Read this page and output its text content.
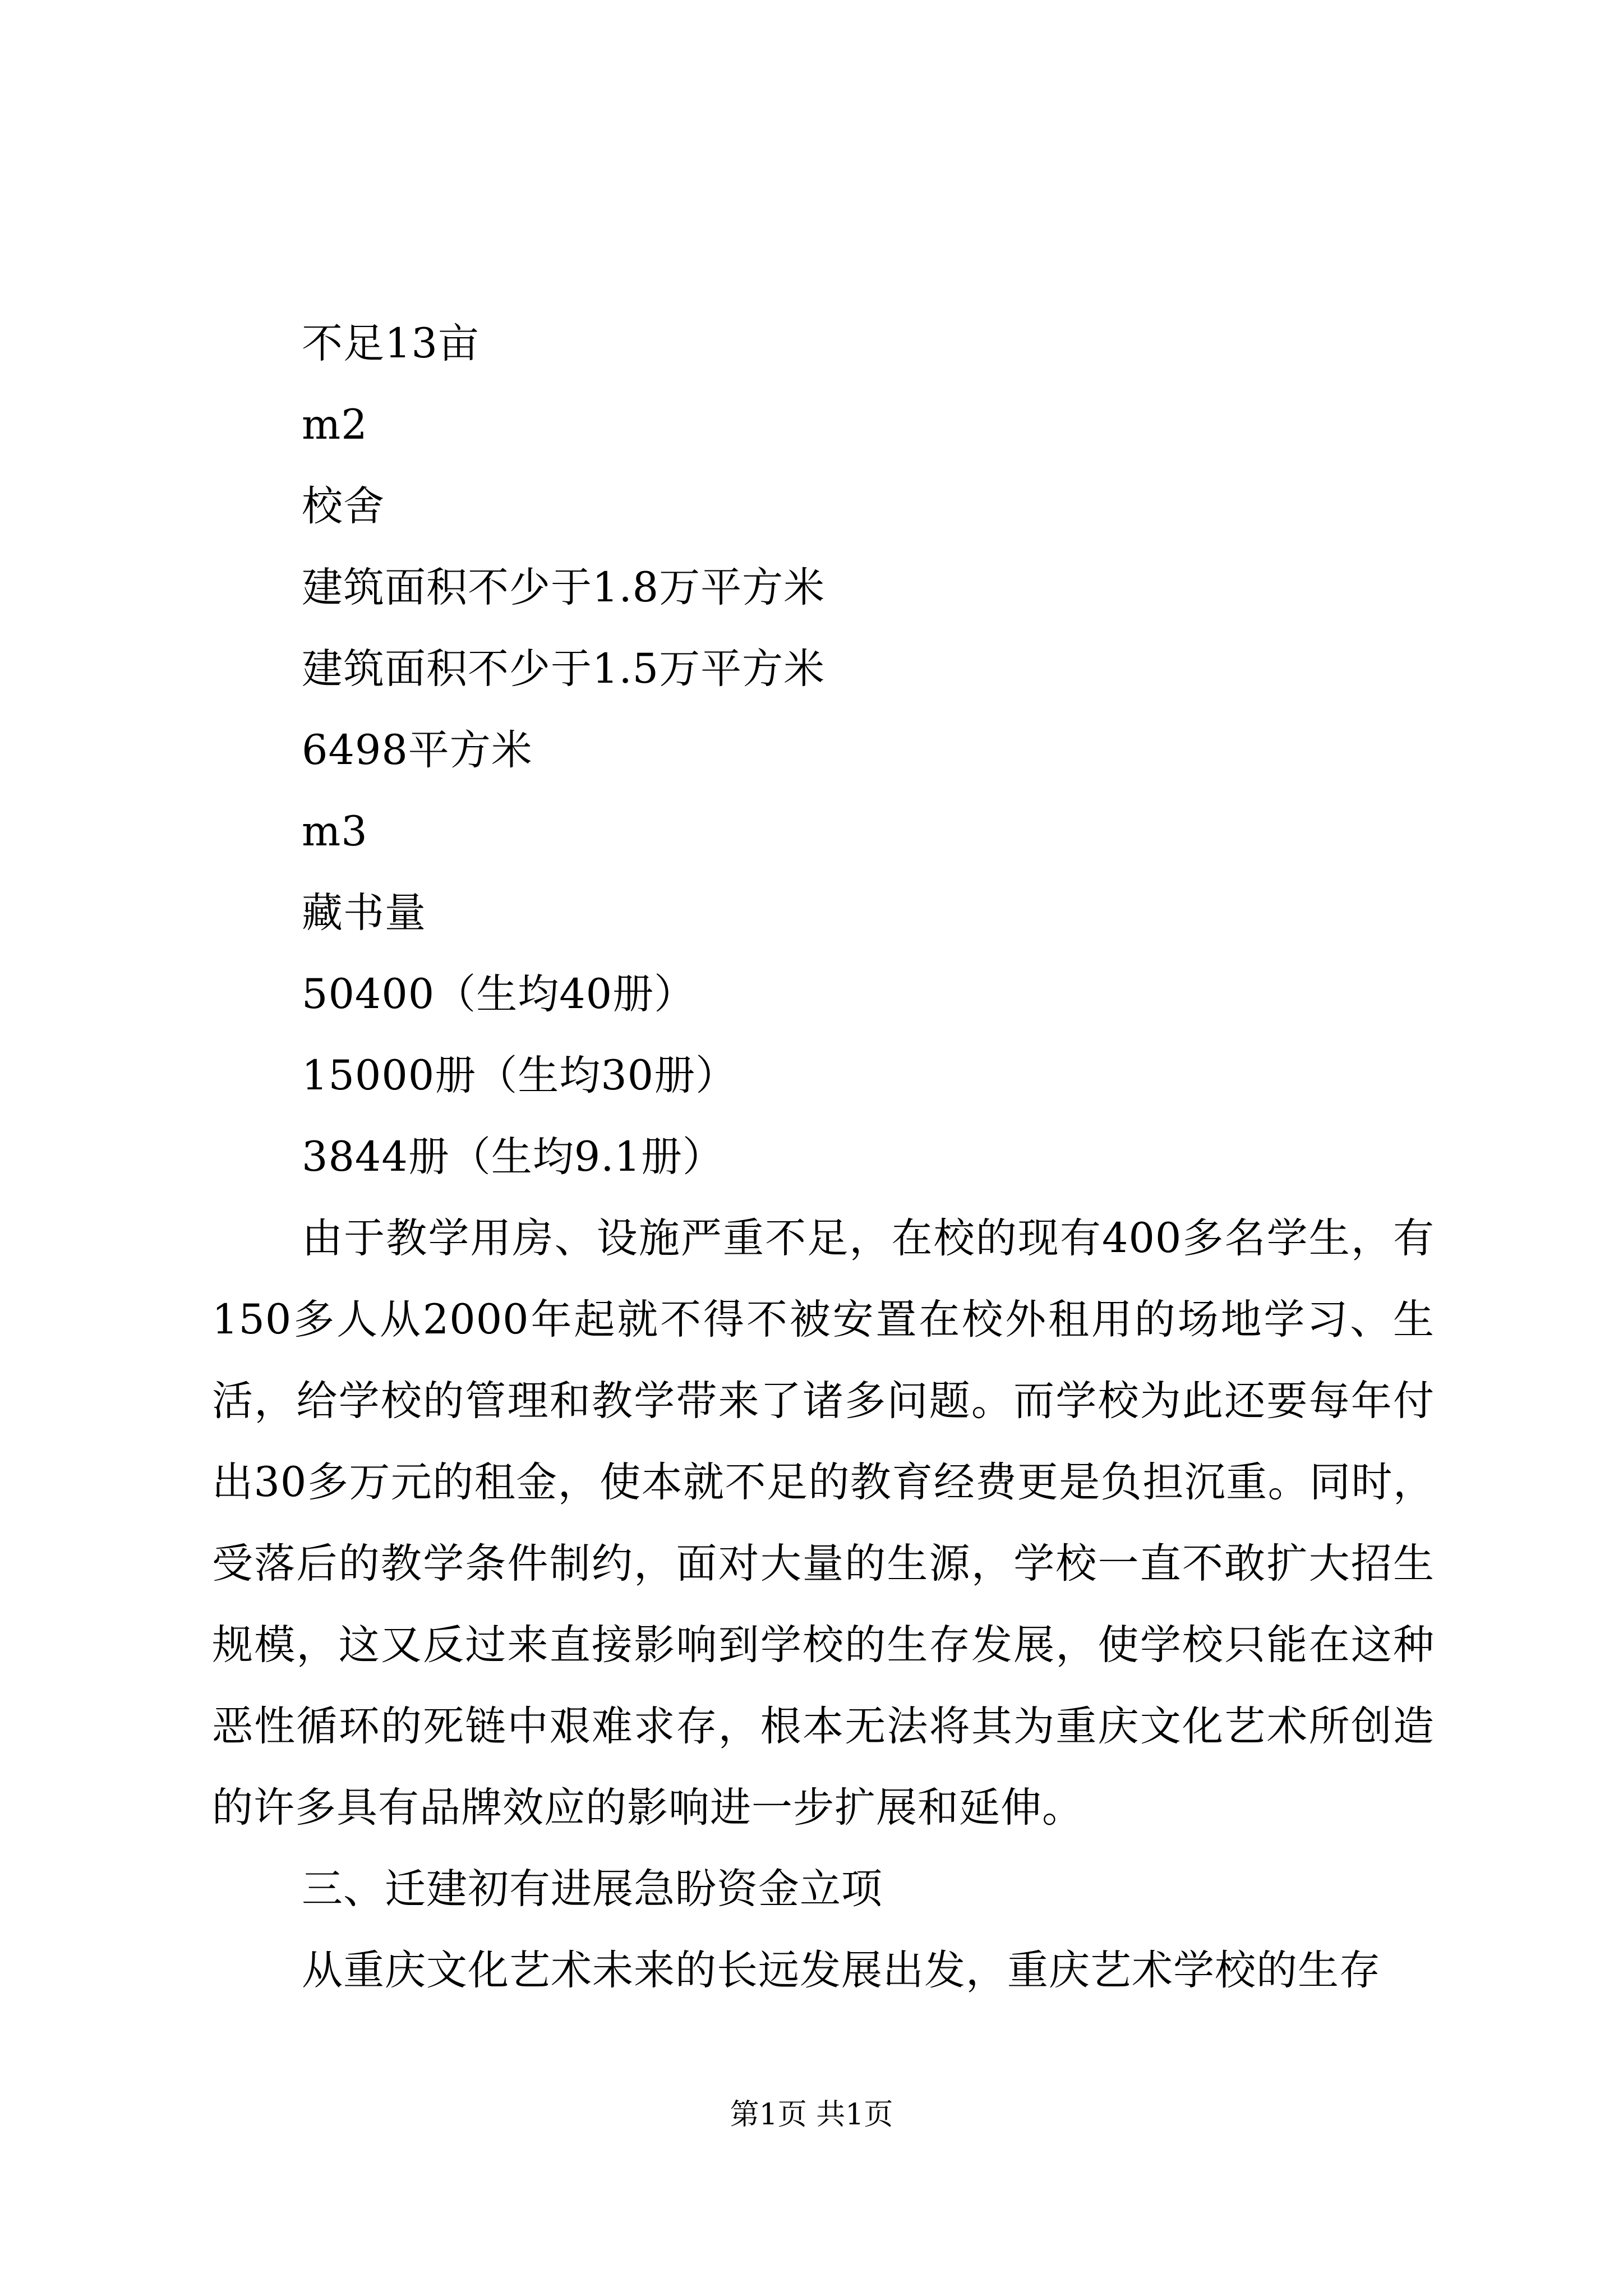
不足13亩
m2
校舍
建筑面积不少于1.8万平方米
建筑面积不少于1.5万平方米
6498平方米
m3
藏书量
50400（生均40册）
15000册（生均30册）
3844册（生均9.1册）
由于教学用房、设施严重不足，在校的现有400多名学生，有150多人从2000年起就不得不被安置在校外租用的场地学习、生活，给学校的管理和教学带来了诸多问题。而学校为此还要每年付出30多万元的租金，使本就不足的教育经费更是负担沉重。同时，受落后的教学条件制约，面对大量的生源，学校一直不敢扩大招生规模，这又反过来直接影响到学校的生存发展，使学校只能在这种恶性循环的死链中艰难求存，根本无法将其为重庆文化艺术所创造的许多具有品牌效应的影响进一步扩展和延伸。
三、迁建初有进展急盼资金立项
从重庆文化艺术未来的长远发展出发，重庆艺术学校的生存
第1页 共1页
